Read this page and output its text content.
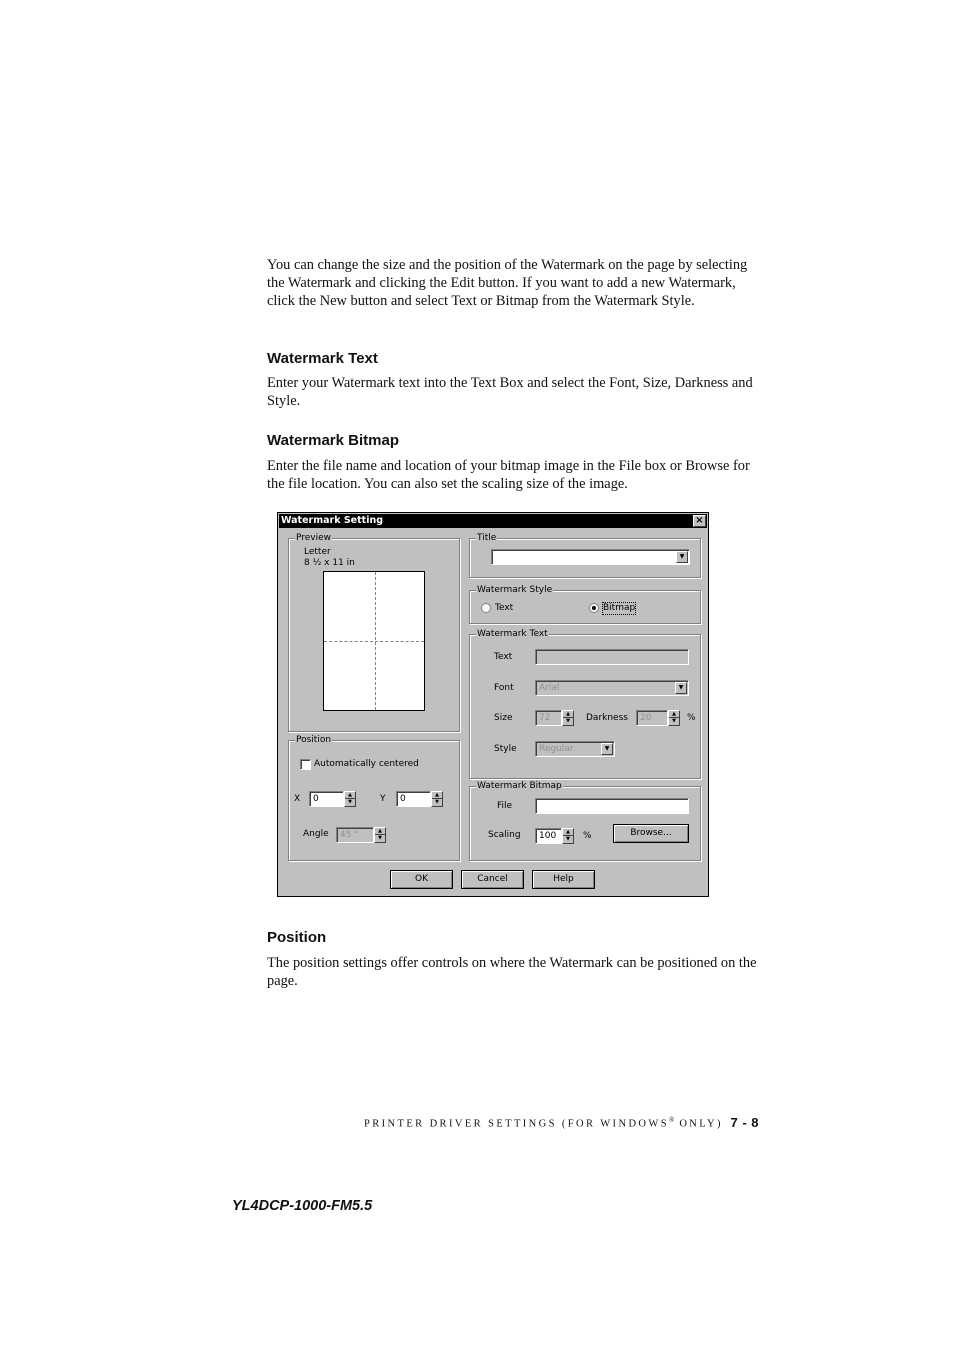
You can change the size and the position of the Watermark on the page by selecting the Watermark and clicking the Edit button. If you want to add a new Watermark, click the New button and select Text or Bitmap from the Watermark Style.

Watermark Text

Enter your Watermark text into the Text Box and select the Font, Size, Darkness and Style.

Watermark Bitmap

Enter the file name and location of your bitmap image in the File box or Browse for the file location. You can also set the scaling size of the image.

Watermark Setting	×
Preview
Letter
8 ½ x 11 in
Position
Automatically centered
X	0	▲
▼	Y	0	▲
▼
Angle	45 °	▲
▼
Title
▼
Watermark Style
Text	Bitmap
Watermark Text
Text
Font	Arial	▼
Size	72	▲
▼	Darkness	20	▲
▼	%
Style	Regular	▼
Watermark Bitmap
File
Scaling	100	▲
▼	%	Browse...
OK	Cancel	Help
Position

The position settings offer controls on where the Watermark can be positioned on the page.

PRINTER DRIVER SETTINGS (FOR WINDOWS® ONLY) 7 - 8
YL4DCP-1000-FM5.5
